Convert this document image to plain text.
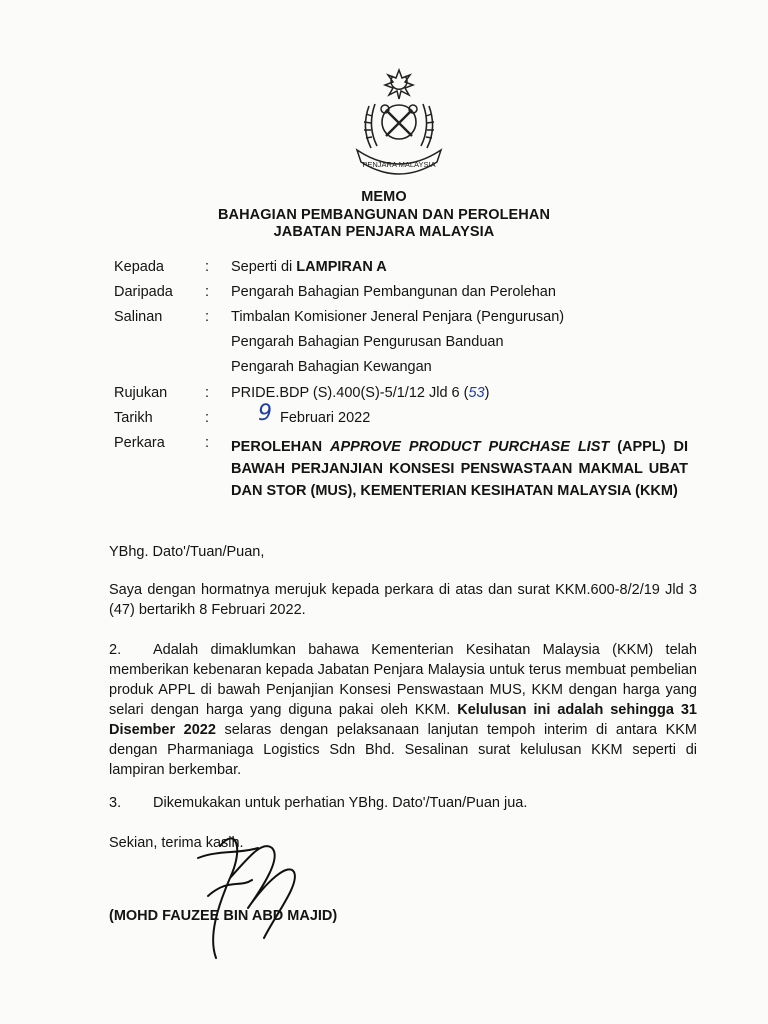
PENJARA MALAYSIA
MEMO
BAHAGIAN PEMBANGUNAN DAN PEROLEHAN
JABATAN PENJARA MALAYSIA
Kepada	: Seperti di LAMPIRAN A
Daripada : Pengarah Bahagian Pembangunan dan Perolehan
Salinan	: Timbalan Komisioner Jeneral Penjara (Pengurusan)
Pengarah Bahagian Pengurusan Banduan
Pengarah Bahagian Kewangan
Rujukan	: PRIDE.BDP (S).400(S)-5/1/12 Jld 6 (53)
Tarikh	: 9 Februari 2022
Perkara	: PEROLEHAN APPROVE PRODUCT PURCHASE LIST (APPL) DI BAWAH PERJANJIAN KONSESI PENSWASTAAN MAKMAL UBAT DAN STOR (MUS), KEMENTERIAN KESIHATAN MALAYSIA (KKM)
YBhg. Dato'/Tuan/Puan,
Saya dengan hormatnya merujuk kepada perkara di atas dan surat KKM.600-8/2/19 Jld 3 (47) bertarikh 8 Februari 2022.
2. Adalah dimaklumkan bahawa Kementerian Kesihatan Malaysia (KKM) telah memberikan kebenaran kepada Jabatan Penjara Malaysia untuk terus membuat pembelian produk APPL di bawah Penjanjian Konsesi Penswastaan MUS, KKM dengan harga yang selari dengan harga yang diguna pakai oleh KKM. Kelulusan ini adalah sehingga 31 Disember 2022 selaras dengan pelaksanaan lanjutan tempoh interim di antara KKM dengan Pharmaniaga Logistics Sdn Bhd. Sesalinan surat kelulusan KKM seperti di lampiran berkembar.
3. Dikemukakan untuk perhatian YBhg. Dato'/Tuan/Puan jua.
Sekian, terima kasih.
(MOHD FAUZEE BIN ABD MAJID)
